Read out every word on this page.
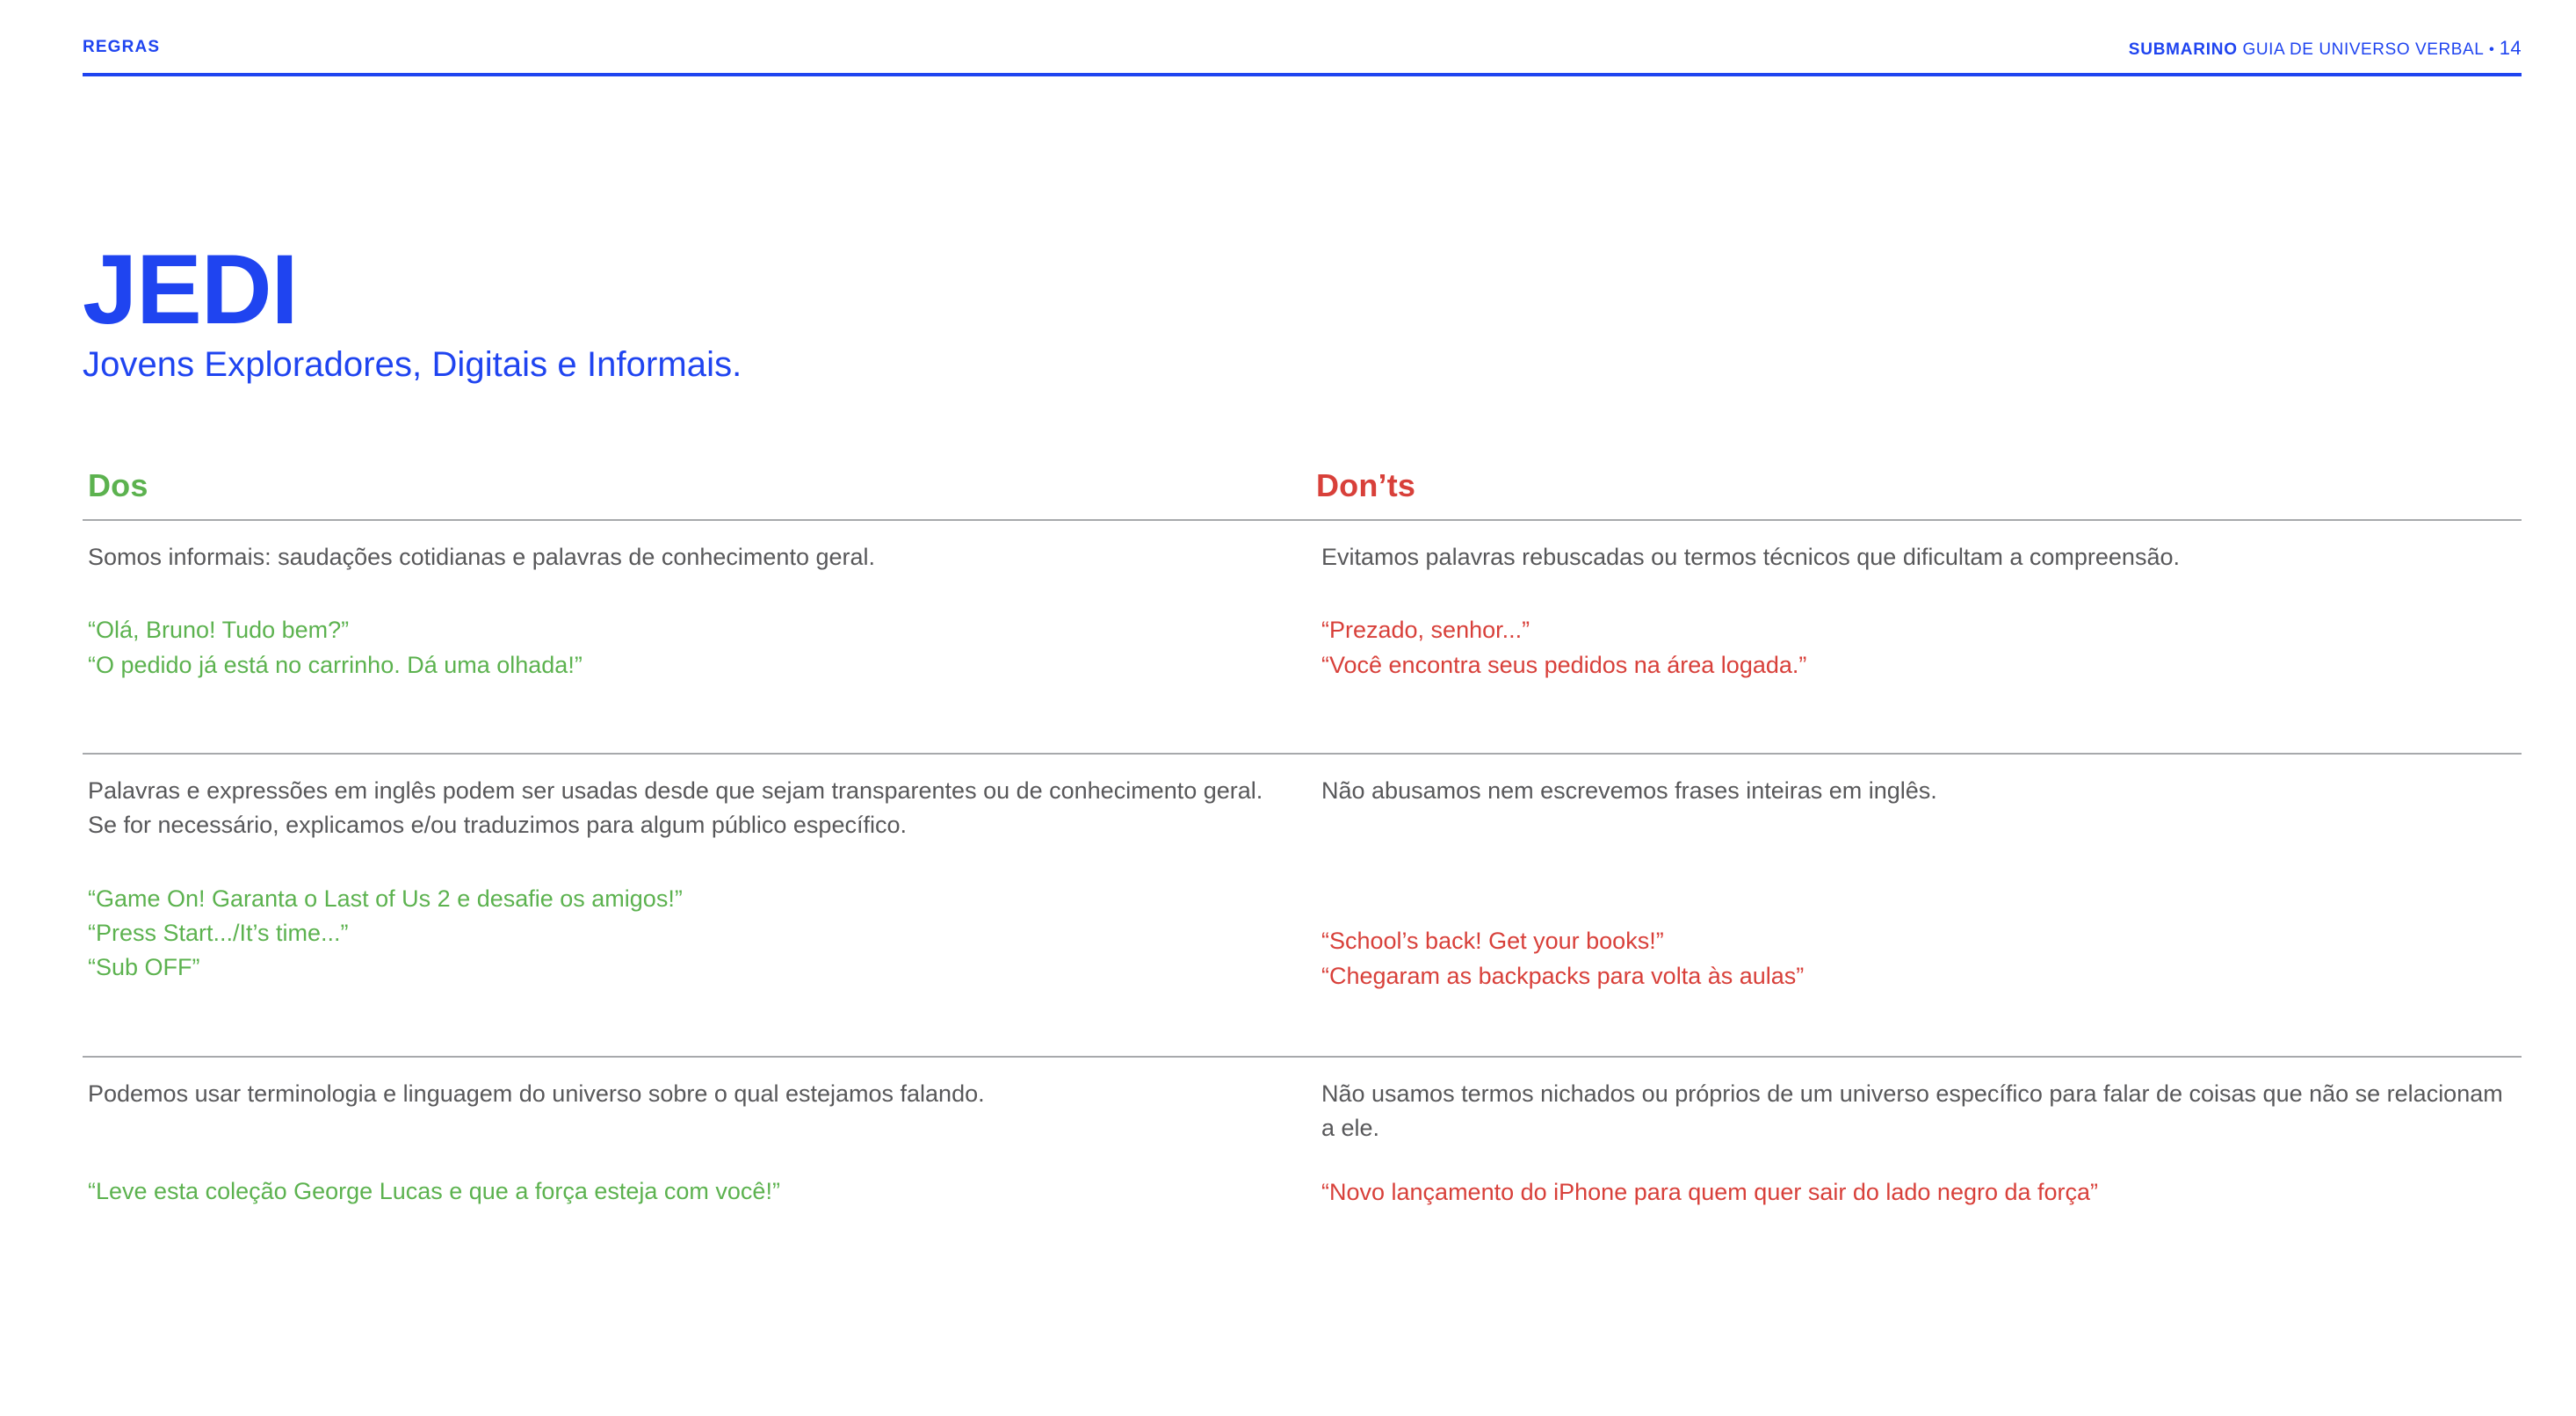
REGRAS	SUBMARINO GUIA DE UNIVERSO VERBAL • 14
JEDI

Jovens Exploradores, Digitais e Informais.

Dos	Don’ts

Somos informais: saudações cotidianas e palavras de conhecimento geral.

“Olá, Bruno! Tudo bem?”
“O pedido já está no carrinho. Dá uma olhada!”

Evitamos palavras rebuscadas ou termos técnicos que dificultam a compreensão.

“Prezado, senhor...”
“Você encontra seus pedidos na área logada.”

Palavras e expressões em inglês podem ser usadas desde que sejam transparentes ou de conhecimento geral. Se for necessário, explicamos e/ou traduzimos para algum público específico.

“Game On! Garanta o Last of Us 2 e desafie os amigos!”
“Press Start.../It’s time...”
“Sub OFF”

Não abusamos nem escrevemos frases inteiras em inglês.

“School’s back! Get your books!”
“Chegaram as backpacks para volta às aulas”

Podemos usar terminologia e linguagem do universo sobre o qual estejamos falando.

“Leve esta coleção George Lucas e que a força esteja com você!”

Não usamos termos nichados ou próprios de um universo específico para falar de coisas que não se relacionam a ele.

“Novo lançamento do iPhone para quem quer sair do lado negro da força”
